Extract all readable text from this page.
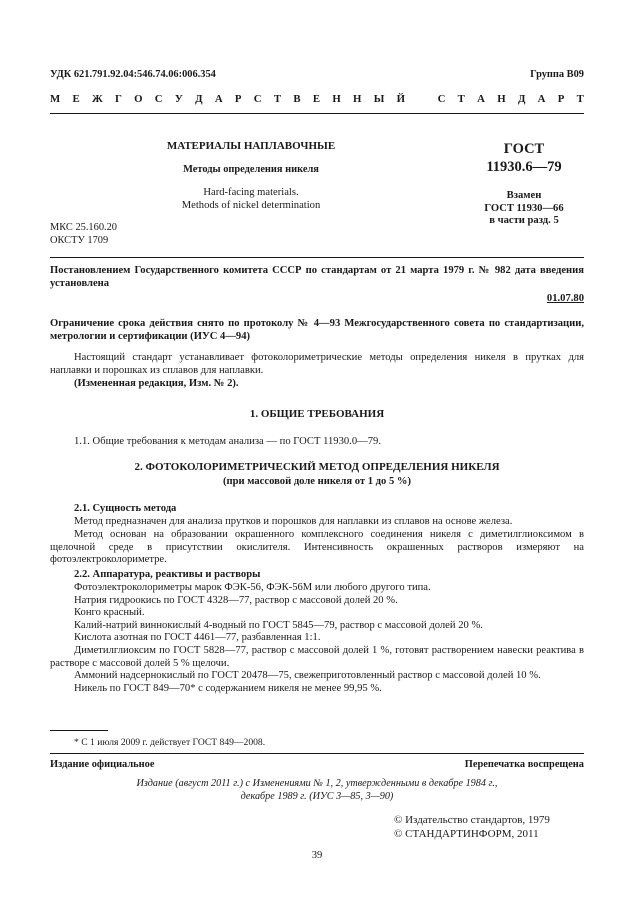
УДК 621.791.92.04:546.74.06:006.354	Группа В09
М Е Ж Г О С У Д А Р С Т В Е Н Н Ы Й	С Т А Н Д А Р Т
МАТЕРИАЛЫ НАПЛАВОЧНЫЕ
Методы определения никеля
Hard-facing materials.
Methods of nickel determination
ГОСТ
11930.6—79
Взамен
ГОСТ 11930—66
в части разд. 5
МКС 25.160.20
ОКСТУ 1709

Постановлением Государственного комитета СССР по стандартам от 21 марта 1979 г. № 982 дата введения установлена

01.07.80

Ограничение срока действия снято по протоколу № 4—93 Межгосударственного совета по стандартизации, метрологии и сертификации (ИУС 4—94)

Настоящий стандарт устанавливает фотоколориметрические методы определения никеля в прутках для наплавки и порошках из сплавов для наплавки.

(Измененная редакция, Изм. № 2).

1. ОБЩИЕ ТРЕБОВАНИЯ

1.1. Общие требования к методам анализа — по ГОСТ 11930.0—79.

2. ФОТОКОЛОРИМЕТРИЧЕСКИЙ МЕТОД ОПРЕДЕЛЕНИЯ НИКЕЛЯ
(при массовой доле никеля от 1 до 5 %)

2.1. Сущность метода

Метод предназначен для анализа прутков и порошков для наплавки из сплавов на основе железа.

Метод основан на образовании окрашенного комплексного соединения никеля с диметилглиоксимом в щелочной среде в присутствии окислителя. Интенсивность окрашенных растворов измеряют на фотоэлектроколориметре.

2.2. Аппаратура, реактивы и растворы

Фотоэлектроколориметры марок ФЭК-56, ФЭК-56М или любого другого типа.

Натрия гидроокись по ГОСТ 4328—77, раствор с массовой долей 20 %.

Конго красный.

Калий-натрий виннокислый 4-водный по ГОСТ 5845—79, раствор с массовой долей 20 %.

Кислота азотная по ГОСТ 4461—77, разбавленная 1:1.

Диметилглиоксим по ГОСТ 5828—77, раствор с массовой долей 1 %, готовят растворением навески реактива в растворе с массовой долей 5 % щелочи.

Аммоний надсернокислый по ГОСТ 20478—75, свежеприготовленный раствор с массовой долей 10 %.

Никель по ГОСТ 849—70* с содержанием никеля не менее 99,95 %.

* С 1 июля 2009 г. действует ГОСТ 849—2008.
Издание официальное	Перепечатка воспрещена
Издание (август 2011 г.) с Изменениями № 1, 2, утвержденными в декабре 1984 г.,
декабре 1989 г. (ИУС 3—85, 3—90)
© Издательство стандартов, 1979
© СТАНДАРТИНФОРМ, 2011
39
